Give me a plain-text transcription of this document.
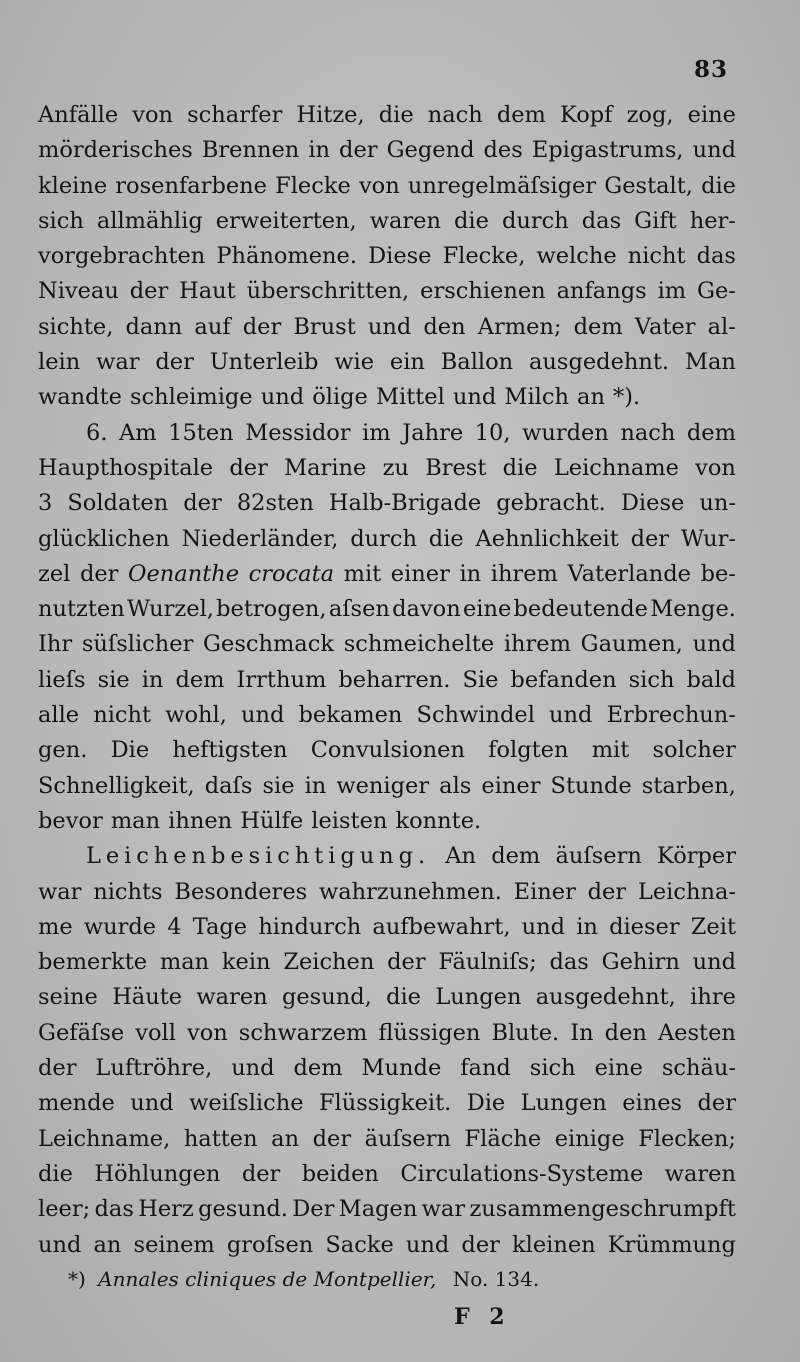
83
Anfälle von scharfer Hitze, die nach dem Kopf zog, eine
mörderisches Brennen in der Gegend des Epigastrums, und
kleine rosenfarbene Flecke von unregelmäſsiger Gestalt, die
sich allmählig erweiterten, waren die durch das Gift her-
vorgebrachten Phänomene. Diese Flecke, welche nicht das
Niveau der Haut überschritten, erschienen anfangs im Ge-
sichte, dann auf der Brust und den Armen; dem Vater al-
lein war der Unterleib wie ein Ballon ausgedehnt. Man
wandte schleimige und ölige Mittel und Milch an *).
6. Am 15ten Messidor im Jahre 10, wurden nach dem
Haupthospitale der Marine zu Brest die Leichname von
3 Soldaten der 82sten Halb-Brigade gebracht. Diese un-
glücklichen Niederländer, durch die Aehnlichkeit der Wur-
zel der Oenanthe crocata mit einer in ihrem Vaterlande be-
nutzten Wurzel, betrogen, aſsen davon eine bedeutende Menge.
Ihr süſslicher Geschmack schmeichelte ihrem Gaumen, und
lieſs sie in dem Irrthum beharren. Sie befanden sich bald
alle nicht wohl, und bekamen Schwindel und Erbrechun-
gen. Die heftigsten Convulsionen folgten mit solcher
Schnelligkeit, daſs sie in weniger als einer Stunde starben,
bevor man ihnen Hülfe leisten konnte.
Leichenbesichtigung. An dem äuſsern Körper
war nichts Besonderes wahrzunehmen. Einer der Leichna-
me wurde 4 Tage hindurch aufbewahrt, und in dieser Zeit
bemerkte man kein Zeichen der Fäulniſs; das Gehirn und
seine Häute waren gesund, die Lungen ausgedehnt, ihre
Gefäſse voll von schwarzem flüssigen Blute. In den Aesten
der Luftröhre, und dem Munde fand sich eine schäu-
mende und weiſsliche Flüssigkeit. Die Lungen eines der
Leichname, hatten an der äuſsern Fläche einige Flecken;
die Höhlungen der beiden Circulations-Systeme waren
leer; das Herz gesund. Der Magen war zusammengeschrumpft
und an seinem groſsen Sacke und der kleinen Krümmung
*) Annales cliniques de Montpellier, No. 134.
F 2
